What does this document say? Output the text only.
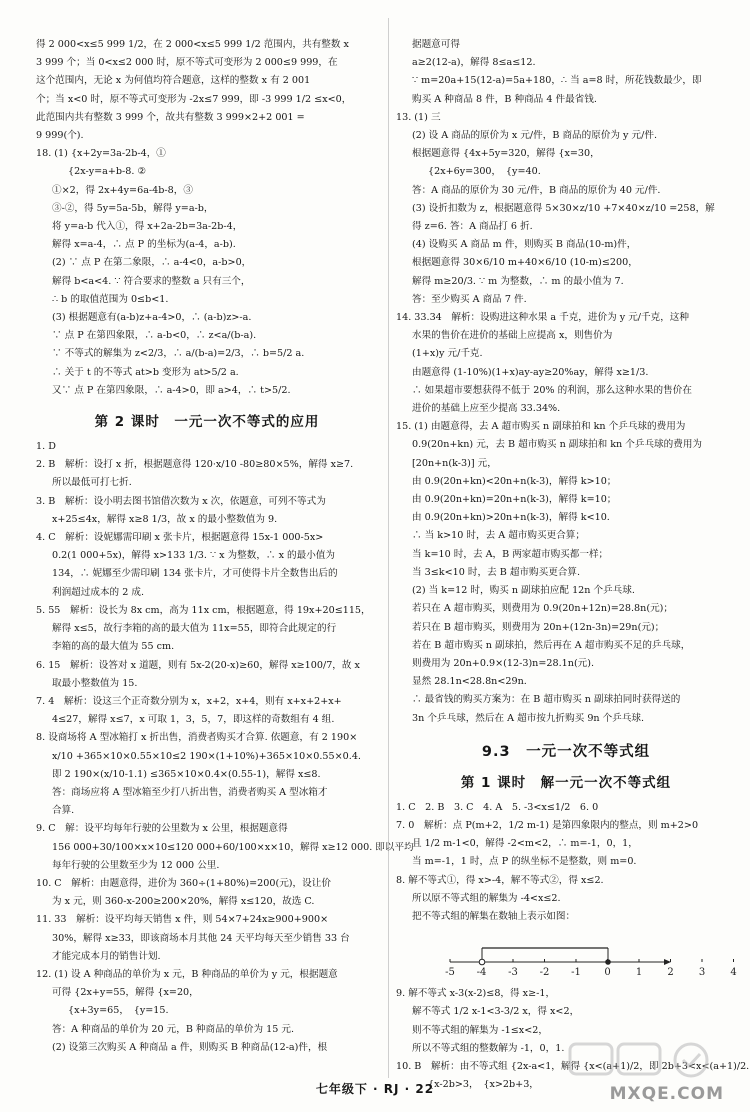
得 2 000<x≤5 999 1/2，在 2 000<x≤5 999 1/2 范围内，共有整数 x

3 999 个；当 0<x≤2 000 时，原不等式可变形为 2 000≤9 999，在

这个范围内，无论 x 为何值均符合题意，这样的整数 x 有 2 001

个；当 x<0 时，原不等式可变形为 -2x≤7 999，即 -3 999 1/2 ≤x<0，

此范围内共有整数 3 999 个，故共有整数 3 999×2+2 001 =

9 999(个).

18. (1) {x+2y=3a-2b-4，①

{2x-y=a+b-8. ②

①×2，得 2x+4y=6a-4b-8，③

③-②，得 5y=5a-5b，解得 y=a-b，

将 y=a-b 代入①，得 x+2a-2b=3a-2b-4，

解得 x=a-4，∴ 点 P 的坐标为(a-4，a-b).

(2) ∵ 点 P 在第二象限，∴ a-4<0，a-b>0，

解得 b<a<4. ∵ 符合要求的整数 a 只有三个，

∴ b 的取值范围为 0≤b<1.

(3) 根据题意有(a-b)z+a-4>0，∴ (a-b)z>-a.

∵ 点 P 在第四象限，∴ a-b<0，∴ z<a/(b-a).

∵ 不等式的解集为 z<2/3，∴ a/(b-a)=2/3，∴ b=5/2 a.

∴ 关于 t 的不等式 at>b 变形为 at>5/2 a.

又∵ 点 P 在第四象限，∴ a-4>0，即 a>4，∴ t>5/2.

第 2 课时　一元一次不等式的应用

1. D

2. B　解析：设打 x 折，根据题意得 120·x/10 -80≥80×5%，解得 x≥7.

所以最低可打七折.

3. B　解析：设小明去图书馆借次数为 x 次，依题意，可列不等式为

x+25≤4x，解得 x≥8 1/3，故 x 的最小整数值为 9.

4. C　解析：设妮娜需印刷 x 张卡片，根据题意得 15x-1 000-5x>

0.2(1 000+5x)，解得 x>133 1/3. ∵ x 为整数，∴ x 的最小值为

134，∴ 妮娜至少需印刷 134 张卡片，才可使得卡片全数售出后的

利润超过成本的 2 成.

5. 55　解析：设长为 8x cm，高为 11x cm，根据题意，得 19x+20≤115，

解得 x≤5，故行李箱的高的最大值为 11x=55，即符合此规定的行

李箱的高的最大值为 55 cm.

6. 15　解析：设答对 x 道题，则有 5x-2(20-x)≥60，解得 x≥100/7，故 x

取最小整数值为 15.

7. 4　解析：设这三个正奇数分别为 x，x+2，x+4，则有 x+x+2+x+

4≤27，解得 x≤7，x 可取 1，3，5，7，即这样的奇数组有 4 组.

8. 设商场将 A 型冰箱打 x 折出售，消费者购买才合算. 依题意，有 2 190×

x/10 +365×10×0.55×10≤2 190×(1+10%)+365×10×0.55×0.4.

即 2 190×(x/10-1.1) ≤365×10×0.4×(0.55-1)，解得 x≤8.

答：商场应将 A 型冰箱至少打八折出售，消费者购买 A 型冰箱才

合算.

9. C　解：设平均每年行驶的公里数为 x 公里，根据题意得

156 000+30/100×x×10≤120 000+60/100×x×10，解得 x≥12 000. 即以平均

每年行驶的公里数至少为 12 000 公里.

10. C　解析：由题意得，进价为 360÷(1+80%)=200(元)，设让价

为 x 元，则 360-x-200≥200×20%，解得 x≤120，故选 C.

11. 33　解析：设平均每天销售 x 件，则 54×7+24x≥900+900×

30%，解得 x≥33，即该商场本月其他 24 天平均每天至少销售 33 台

才能完成本月的销售计划.

12. (1) 设 A 种商品的单价为 x 元，B 种商品的单价为 y 元，根据题意

可得 {2x+y=55，解得 {x=20，

{x+3y=65，　{y=15.

答：A 种商品的单价为 20 元，B 种商品的单价为 15 元.

(2) 设第三次购买 A 种商品 a 件，则购买 B 种商品(12-a)件，根

据题意可得

a≥2(12-a)，解得 8≤a≤12.

∵ m=20a+15(12-a)=5a+180，∴ 当 a=8 时，所花钱数最少，即

购买 A 种商品 8 件，B 种商品 4 件最省钱.

13. (1) 三

(2) 设 A 商品的原价为 x 元/件，B 商品的原价为 y 元/件.

根据题意得 {4x+5y=320，解得 {x=30，

{2x+6y=300，　{y=40.

答：A 商品的原价为 30 元/件，B 商品的原价为 40 元/件.

(3) 设折扣数为 z，根据题意得 5×30×z/10 +7×40×z/10 =258，解

得 z=6. 答：A 商品打 6 折.

(4) 设购买 A 商品 m 件，则购买 B 商品(10-m)件，

根据题意得 30×6/10 m+40×6/10 (10-m)≤200，

解得 m≥20/3. ∵ m 为整数，∴ m 的最小值为 7.

答：至少购买 A 商品 7 件.

14. 33.34　解析：设购进这种水果 a 千克，进价为 y 元/千克，这种

水果的售价在进价的基础上应提高 x，则售价为

(1+x)y 元/千克.

由题意得 (1-10%)(1+x)ay-ay≥20%ay，解得 x≥1/3.

∴ 如果超市要想获得不低于 20% 的利润，那么这种水果的售价在

进价的基础上应至少提高 33.34%.

15. (1) 由题意得，去 A 超市购买 n 副球拍和 kn 个乒乓球的费用为

0.9(20n+kn) 元，去 B 超市购买 n 副球拍和 kn 个乒乓球的费用为

[20n+n(k-3)] 元，

由 0.9(20n+kn)<20n+n(k-3)，解得 k>10；

由 0.9(20n+kn)=20n+n(k-3)，解得 k=10；

由 0.9(20n+kn)>20n+n(k-3)，解得 k<10.

∴ 当 k>10 时，去 A 超市购买更合算；

当 k=10 时，去 A，B 两家超市购买都一样；

当 3≤k<10 时，去 B 超市购买更合算.

(2) 当 k=12 时，购买 n 副球拍应配 12n 个乒乓球.

若只在 A 超市购买，则费用为 0.9(20n+12n)=28.8n(元)；

若只在 B 超市购买，则费用为 20n+(12n-3n)=29n(元)；

若在 B 超市购买 n 副球拍，然后再在 A 超市购买不足的乒乓球，

则费用为 20n+0.9×(12-3)n=28.1n(元).

显然 28.1n<28.8n<29n.

∴ 最省钱的购买方案为：在 B 超市购买 n 副球拍同时获得送的

3n 个乒乓球，然后在 A 超市按九折购买 9n 个乒乓球.

9.3　一元一次不等式组
第 1 课时　解一元一次不等式组

1. C　2. B　3. C　4. A　5. -3<x≤1/2　6. 0

7. 0　解析：点 P(m+2，1/2 m-1) 是第四象限内的整点，则 m+2>0

且 1/2 m-1<0，解得 -2<m<2，∴ m=-1，0，1，

当 m=-1，1 时，点 P 的纵坐标不是整数，则 m=0.

8. 解不等式①，得 x>-4，解不等式②，得 x≤2.

所以原不等式组的解集为 -4<x≤2.

把不等式组的解集在数轴上表示如图：

-5 -4 -3 -2 -1 0	1	2	3	4

9. 解不等式 x-3(x-2)≤8，得 x≥-1，

解不等式 1/2 x-1<3-3/2 x，得 x<2，

则不等式组的解集为 -1≤x<2，

所以不等式组的整数解为 -1，0，1.

10. B　解析：由不等式组 {2x-a<1，解得 {x<(a+1)/2，即 2b+3<x<(a+1)/2.

{x-2b>3，　{x>2b+3，

七年级下 · RJ · 22	MXQE.COM
